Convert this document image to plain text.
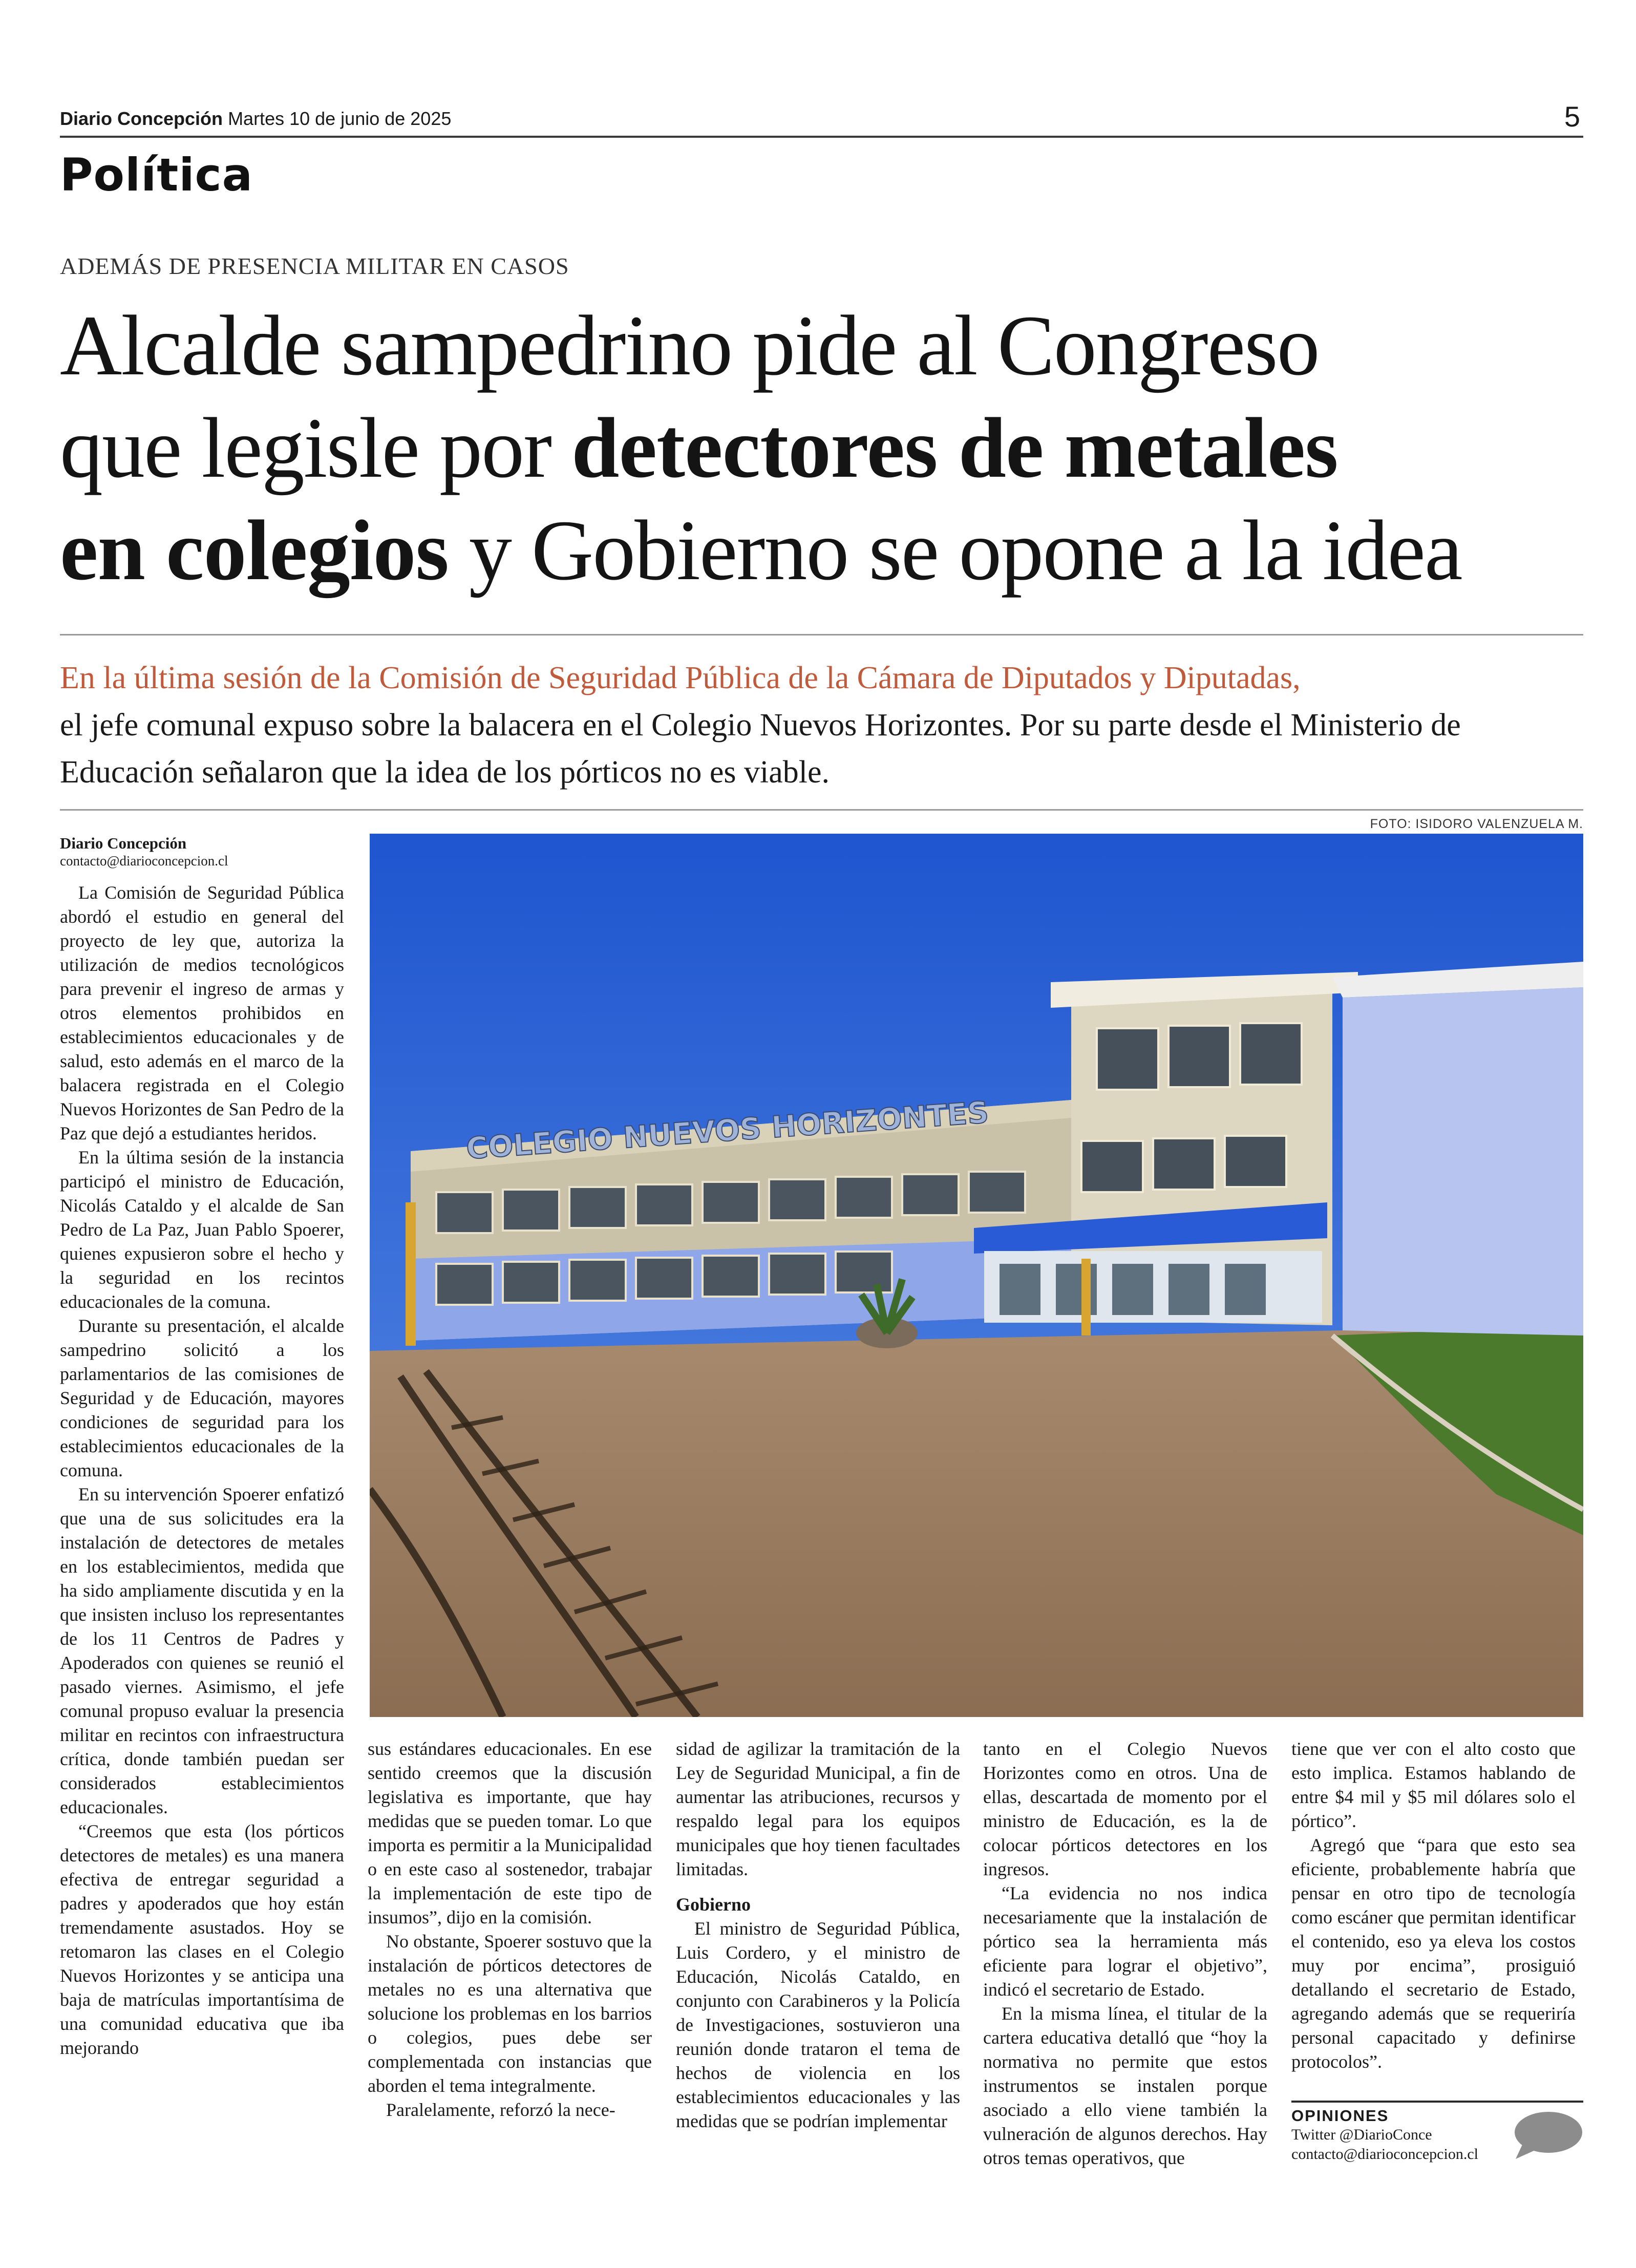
Diario Concepción Martes 10 de junio de 2025	5
Política
ADEMÁS DE PRESENCIA MILITAR EN CASOS
Alcalde sampedrino pide al Congreso
que legisle por detectores de metales
en colegios y Gobierno se opone a la idea
En la última sesión de la Comisión de Seguridad Pública de la Cámara de Diputados y Diputadas,
el jefe comunal expuso sobre la balacera en el Colegio Nuevos Horizontes. Por su parte desde el Ministerio de Educación señalaron que la idea de los pórticos no es viable.
FOTO: ISIDORO VALENZUELA M.
Diario Concepción
contacto@diarioconcepcion.cl
COLEGIO NUEVOS HORIZONTES

La Comisión de Seguridad Pública abordó el estudio en general del proyecto de ley que, autoriza la utilización de medios tecnológicos para prevenir el ingreso de armas y otros elementos prohibidos en establecimientos educacionales y de salud, esto además en el marco de la balacera registrada en el Colegio Nuevos Horizontes de San Pedro de la Paz que dejó a estudiantes heridos.

En la última sesión de la instancia participó el ministro de Educación, Nicolás Cataldo y el alcalde de San Pedro de La Paz, Juan Pablo Spoerer, quienes expusieron sobre el hecho y la seguridad en los recintos educacionales de la comuna.

Durante su presentación, el alcalde sampedrino solicitó a los parlamentarios de las comisiones de Seguridad y de Educación, mayores condiciones de seguridad para los establecimientos educacionales de la comuna.

En su intervención Spoerer enfatizó que una de sus solicitudes era la instalación de detectores de metales en los establecimientos, medida que ha sido ampliamente discutida y en la que insisten incluso los representantes de los 11 Centros de Padres y Apoderados con quienes se reunió el pasado viernes. Asimismo, el jefe comunal propuso evaluar la presencia militar en recintos con infraestructura crítica, donde también puedan ser considerados establecimientos educacionales.

“Creemos que esta (los pórticos detectores de metales) es una manera efectiva de entregar seguridad a padres y apoderados que hoy están tremendamente asustados. Hoy se retomaron las clases en el Colegio Nuevos Horizontes y se anticipa una baja de matrículas importantísima de una comunidad educativa que iba mejorando

sus estándares educacionales. En ese sentido creemos que la discusión legislativa es importante, que hay medidas que se pueden tomar. Lo que importa es permitir a la Municipalidad o en este caso al sostenedor, trabajar la implementación de este tipo de insumos”, dijo en la comisión.

No obstante, Spoerer sostuvo que la instalación de pórticos detectores de metales no es una alternativa que solucione los problemas en los barrios o colegios, pues debe ser complementada con instancias que aborden el tema integralmente.

Paralelamente, reforzó la nece-

sidad de agilizar la tramitación de la Ley de Seguridad Municipal, a fin de aumentar las atribuciones, recursos y respaldo legal para los equipos municipales que hoy tienen facultades limitadas.

Gobierno

El ministro de Seguridad Pública, Luis Cordero, y el ministro de Educación, Nicolás Cataldo, en conjunto con Carabineros y la Policía de Investigaciones, sostuvieron una reunión donde trataron el tema de hechos de violencia en los establecimientos educacionales y las medidas que se podrían implementar

tanto en el Colegio Nuevos Horizontes como en otros. Una de ellas, descartada de momento por el ministro de Educación, es la de colocar pórticos detectores en los ingresos.

“La evidencia no nos indica necesariamente que la instalación de pórtico sea la herramienta más eficiente para lograr el objetivo”, indicó el secretario de Estado.

En la misma línea, el titular de la cartera educativa detalló que “hoy la normativa no permite que estos instrumentos se instalen porque asociado a ello viene también la vulneración de algunos derechos. Hay otros temas operativos, que

tiene que ver con el alto costo que esto implica. Estamos hablando de entre $4 mil y $5 mil dólares solo el pórtico”.

Agregó que “para que esto sea eficiente, probablemente habría que pensar en otro tipo de tecnología como escáner que permitan identificar el contenido, eso ya eleva los costos muy por encima”, prosiguió detallando el secretario de Estado, agregando además que se requeriría personal capacitado y definirse protocolos”.

OPINIONES
Twitter @DiarioConce
contacto@diarioconcepcion.cl
